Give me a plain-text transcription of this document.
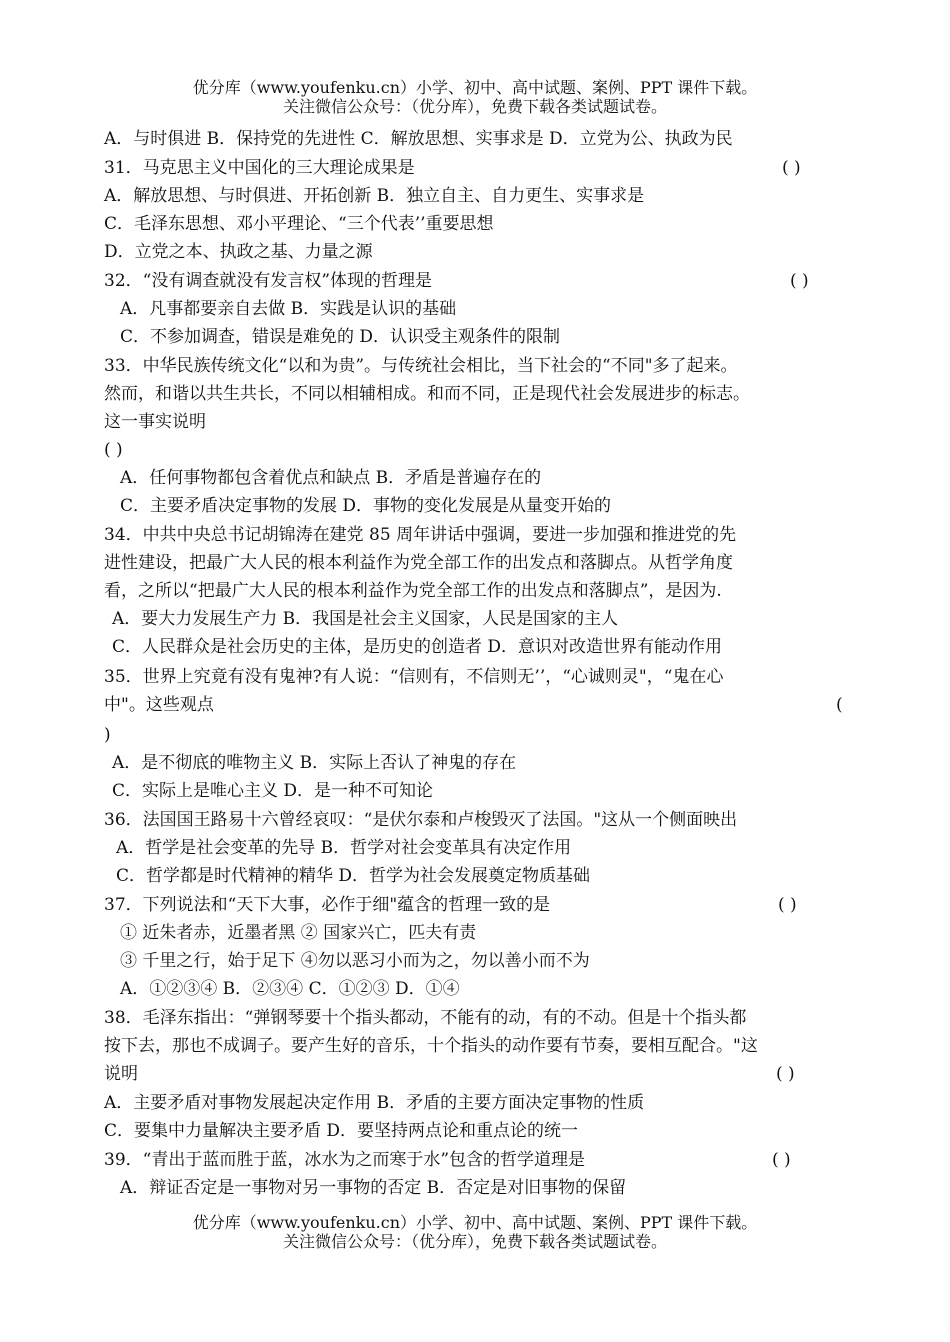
优分库（www.youfenku.cn）小学、初中、高中试题、案例、PPT 课件下载。
关注微信公众号：（优分库），免费下载各类试题试卷。
A．与时俱进 B．保持党的先进性 C．解放思想、实事求是 D．立党为公、执政为民
31．马克思主义中国化的三大理论成果是	( )
A．解放思想、与时俱进、开拓创新 B．独立自主、自力更生、实事求是
C．毛泽东思想、邓小平理论、“三个代表’’重要思想
D．立党之本、执政之基、力量之源
32．“没有调查就没有发言权”体现的哲理是	( )
A．凡事都要亲自去做 B．实践是认识的基础
C．不参加调查，错误是难免的 D．认识受主观条件的限制
33．中华民族传统文化“以和为贵”。与传统社会相比，当下社会的“不同"多了起来。
然而，和谐以共生共长，不同以相辅相成。和而不同，正是现代社会发展进步的标志。
这一事实说明
( )
A．任何事物都包含着优点和缺点 B．矛盾是普遍存在的
C．主要矛盾决定事物的发展 D．事物的变化发展是从量变开始的
34．中共中央总书记胡锦涛在建党 85 周年讲话中强调，要进一步加强和推进党的先
进性建设，把最广大人民的根本利益作为党全部工作的出发点和落脚点。从哲学角度
看，之所以“把最广大人民的根本利益作为党全部工作的出发点和落脚点”，是因为.
A．要大力发展生产力 B．我国是社会主义国家，人民是国家的主人
C．人民群众是社会历史的主体，是历史的创造者 D．意识对改造世界有能动作用
35．世界上究竟有没有鬼神?有人说：“信则有，不信则无’’，“心诚则灵"，“鬼在心
中"。这些观点	(
)
A．是不彻底的唯物主义 B．实际上否认了神鬼的存在
C．实际上是唯心主义 D．是一种不可知论
36．法国国王路易十六曾经哀叹：“是伏尔泰和卢梭毁灭了法国。"这从一个侧面映出
A．哲学是社会变革的先导 B．哲学对社会变革具有决定作用
C．哲学都是时代精神的精华 D．哲学为社会发展奠定物质基础
37．下列说法和“天下大事，必作于细"蕴含的哲理一致的是	( )
① 近朱者赤，近墨者黑 ② 国家兴亡，匹夫有责
③ 千里之行，始于足下 ④勿以恶习小而为之，勿以善小而不为
A．①②③④ B．②③④ C．①②③ D．①④
38．毛泽东指出：“弹钢琴要十个指头都动，不能有的动，有的不动。但是十个指头都
按下去，那也不成调子。要产生好的音乐，十个指头的动作要有节奏，要相互配合。"这
说明	( )
A．主要矛盾对事物发展起决定作用 B．矛盾的主要方面决定事物的性质
C．要集中力量解决主要矛盾 D．要坚持两点论和重点论的统一
39．“青出于蓝而胜于蓝，冰水为之而寒于水”包含的哲学道理是	( )
A．辩证否定是一事物对另一事物的否定 B．否定是对旧事物的保留
优分库（www.youfenku.cn）小学、初中、高中试题、案例、PPT 课件下载。
关注微信公众号：（优分库），免费下载各类试题试卷。
